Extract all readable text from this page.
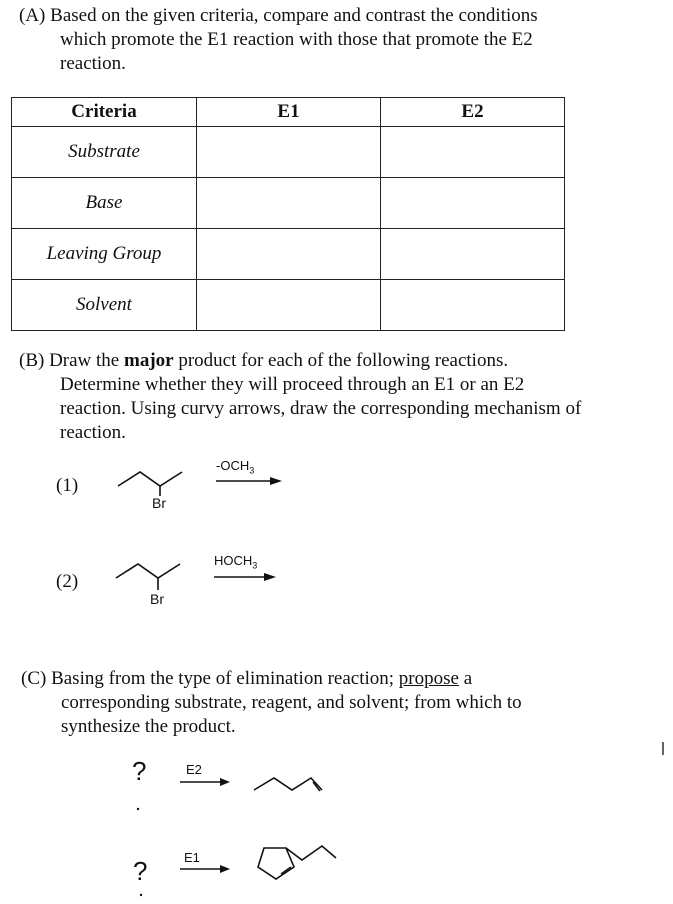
(A) Based on the given criteria, compare and contrast the conditions
which promote the E1 reaction with those that promote the E2
reaction.
Criteria	E1	E2
Substrate		
Base		
Leaving Group		
Solvent		
(B) Draw the major product for each of the following reactions.
Determine whether they will proceed through an E1 or an E2
reaction. Using curvy arrows, draw the corresponding mechanism of
reaction.
(1)
(2)
Br
$-OCH_3$
Br
$HOCH_3$
(C) Basing from the type of elimination reaction; propose a
corresponding substrate, reagent, and solvent; from which to
synthesize the product.
?	E2
?	E1
